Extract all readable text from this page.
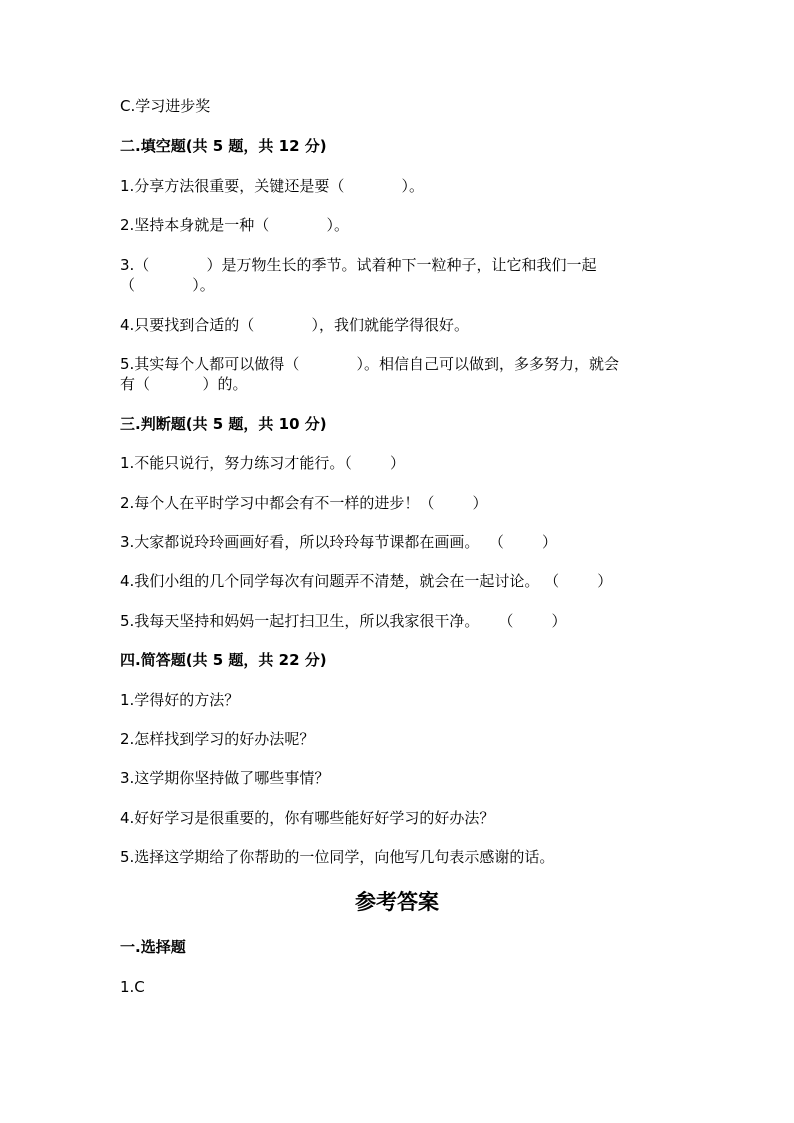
C.学习进步奖

二.填空题(共 5 题，共 12 分)

1.分享方法很重要，关键还是要（            ）。

2.坚持本身就是一种（            ）。

3.（            ）是万物生长的季节。试着种下一粒种子，让它和我们一起

（            ）。

4.只要找到合适的（            ），我们就能学得很好。

5.其实每个人都可以做得（            ）。相信自己可以做到，多多努力，就会

有（           ）的。

三.判断题(共 5 题，共 10 分)

1.不能只说行，努力练习才能行。（        ）

2.每个人在平时学习中都会有不一样的进步！（        ）

3.大家都说玲玲画画好看，所以玲玲每节课都在画画。  （        ）

4.我们小组的几个同学每次有问题弄不清楚，就会在一起讨论。 （        ）

5.我每天坚持和妈妈一起打扫卫生，所以我家很干净。    （        ）

四.简答题(共 5 题，共 22 分)

1.学得好的方法？

2.怎样找到学习的好办法呢？

3.这学期你坚持做了哪些事情？

4.好好学习是很重要的，你有哪些能好好学习的好办法？

5.选择这学期给了你帮助的一位同学，向他写几句表示感谢的话。

参考答案

一.选择题

1.C
